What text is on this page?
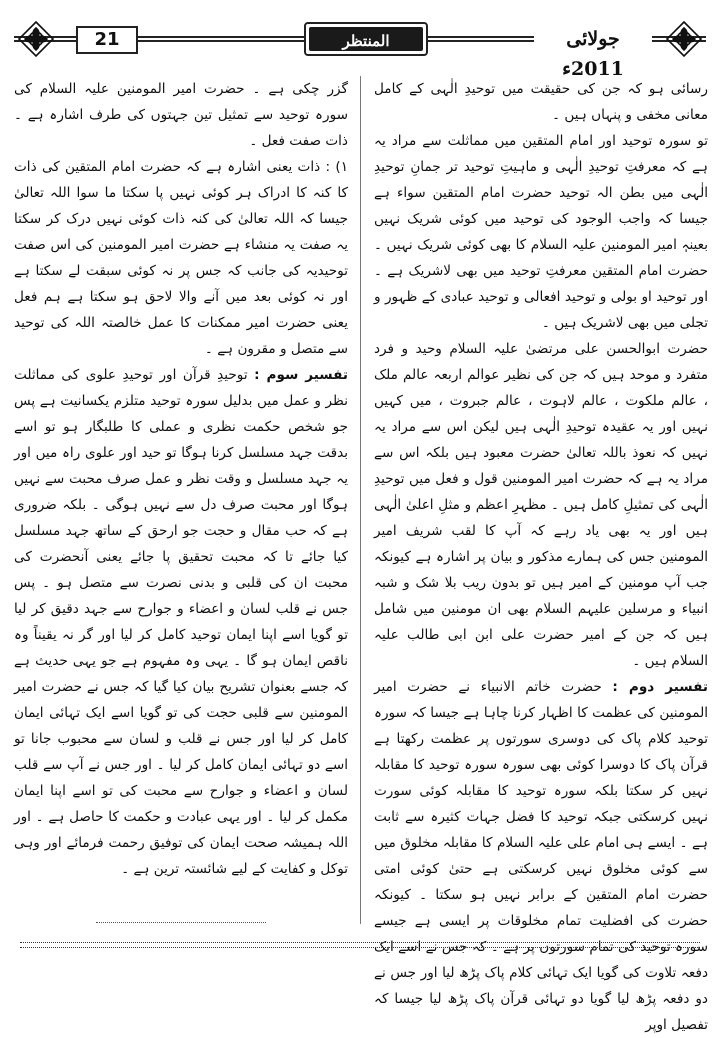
21	المنتظر	جولائی 2011ء

رسائی ہو کہ جن کی حقیقت میں توحیدِ الٰہی کے کامل معانی مخفی و پنہاں ہیں ۔

تو سورہ توحید اور امام المتقین میں مماثلت سے مراد یہ ہے کہ معرفتِ توحیدِ الٰہی و ماہیتِ توحید تر جمانِ توحیدِ الٰہی میں بطن الہ توحید حضرت امام المتقین سواء ہے جیسا کہ واجب الوجود کی توحید میں کوئی شریک نہیں بعینہٖ امیر المومنین علیہ السلام کا بھی کوئی شریک نہیں ۔ حضرت امام المتقین معرفتِ توحید میں بھی لاشریک ہے ۔ اور توحید او بولی و توحید افعالی و توحید عبادی کے ظہور و تجلی میں بھی لاشریک ہیں ۔

حضرت ابوالحسن علی مرتضیٰ علیہ السلام وحید و فرد متفرد و موحد ہیں کہ جن کی نظیر عوالم اربعہ عالم ملک ، عالم ملکوت ، عالم لاہوت ، عالم جبروت ، میں کہیں نہیں اور یہ عقیدہ توحیدِ الٰہی ہیں لیکن اس سے مراد یہ نہیں کہ نعوذ باللہ تعالیٰ حضرت معبود ہیں بلکہ اس سے مراد یہ ہے کہ حضرت امیر المومنین قول و فعل میں توحیدِ الٰہی کی تمثیلِ کامل ہیں ۔ مظہرِ اعظم و مثلِ اعلیٰ الٰہی ہیں اور یہ بھی یاد رہے کہ آپ کا لقب شریف امیر المومنین جس کی ہمارے مذکور و بیان پر اشارہ ہے کیونکہ جب آپ مومنین کے امیر ہیں تو بدون ریب بلا شک و شبہ انبیاء و مرسلین علیہم السلام بھی ان مومنین میں شامل ہیں کہ جن کے امیر حضرت علی ابن ابی طالب علیہ السلام ہیں ۔

تفسیر دوم : حضرت خاتم الانبیاء نے حضرت امیر المومنین کی عظمت کا اظہار کرنا چاہا ہے جیسا کہ سورہ توحید کلام پاک کی دوسری سورتوں پر عظمت رکھتا ہے قرآن پاک کا دوسرا کوئی بھی سورہ سورہ توحید کا مقابلہ نہیں کر سکتا بلکہ سورہ توحید کا مقابلہ کوئی سورت نہیں کرسکتی جبکہ توحید کا فضل جہات کثیرہ سے ثابت ہے ۔ ایسے ہی امام علی علیہ السلام کا مقابلہ مخلوق میں سے کوئی مخلوق نہیں کرسکتی ہے حتیٰ کوئی امتی حضرت امام المتقین کے برابر نہیں ہو سکتا ۔ کیونکہ حضرت کی افضلیت تمام مخلوقات پر ایسی ہے جیسے سورہ توحید کی تمام سورتوں پر ہے ۔ کہ جس نے اسے ایک دفعہ تلاوت کی گویا ایک تہائی کلام پاک پڑھ لیا اور جس نے دو دفعہ پڑھ لیا گویا دو تہائی قرآن پاک پڑھ لیا جیسا کہ تفصیل اوپر

گزر چکی ہے ۔ حضرت امیر المومنین علیہ السلام کی سورہ توحید سے تمثیل تین جہتوں کی طرف اشارہ ہے ۔ ذات صفت فعل ۔

۱) : ذات یعنی اشارہ ہے کہ حضرت امام المتقین کی ذات کا کنہ کا ادراک ہر کوئی نہیں پا سکتا ما سوا اللہ تعالیٰ جیسا کہ اللہ تعالیٰ کی کنہ ذات کوئی نہیں درک کر سکتا یہ صفت یہ منشاء ہے حضرت امیر المومنین کی اس صفت توحیدیہ کی جانب کہ جس پر نہ کوئی سبقت لے سکتا ہے اور نہ کوئی بعد میں آنے والا لاحق ہو سکتا ہے ہم فعل یعنی حضرت امیر ممکنات کا عمل خالصتہ اللہ کی توحید سے متصل و مقرون ہے ۔

تفسیر سوم : توحیدِ قرآن اور توحیدِ علوی کی مماثلت نظر و عمل میں بدلیل سورہ توحید متلزم یکسانیت ہے پس جو شخص حکمت نظری و عملی کا طلبگار ہو تو اسے بدقت جہد مسلسل کرنا ہوگا تو حید اور علوی راہ میں اور یہ جہد مسلسل و وقت نظر و عمل صرف محبت سے نہیں ہوگا اور محبت صرف دل سے نہیں ہوگی ۔ بلکہ ضروری ہے کہ حب مقال و حجت جو ارحق کے ساتھ جہد مسلسل کیا جائے تا کہ محبت تحقیق پا جائے یعنی آنحضرت کی محبت ان کی قلبی و بدنی نصرت سے متصل ہو ۔ پس جس نے قلب لسان و اعضاء و جوارح سے جہد دقیق کر لیا تو گویا اسے اپنا ایمان توحید کامل کر لیا اور گر نہ یقیناً وہ ناقص ایمان ہو گا ۔ یہی وہ مفہوم ہے جو یہی حدیث ہے کہ جسے بعنوان تشریح بیان کیا گیا کہ جس نے حضرت امیر المومنین سے قلبی حجت کی تو گویا اسے ایک تہائی ایمان کامل کر لیا اور جس نے قلب و لسان سے محبوب جانا تو اسے دو تہائی ایمان کامل کر لیا ۔ اور جس نے آپ سے قلب لسان و اعضاء و جوارح سے محبت کی تو اسے اپنا ایمان مکمل کر لیا ۔ اور یہی عبادت و حکمت کا حاصل ہے ۔ اور اللہ ہمیشہ صحت ایمان کی توفیق رحمت فرمائے اور وہی توکل و کفایت کے لیے شائستہ ترین ہے ۔
